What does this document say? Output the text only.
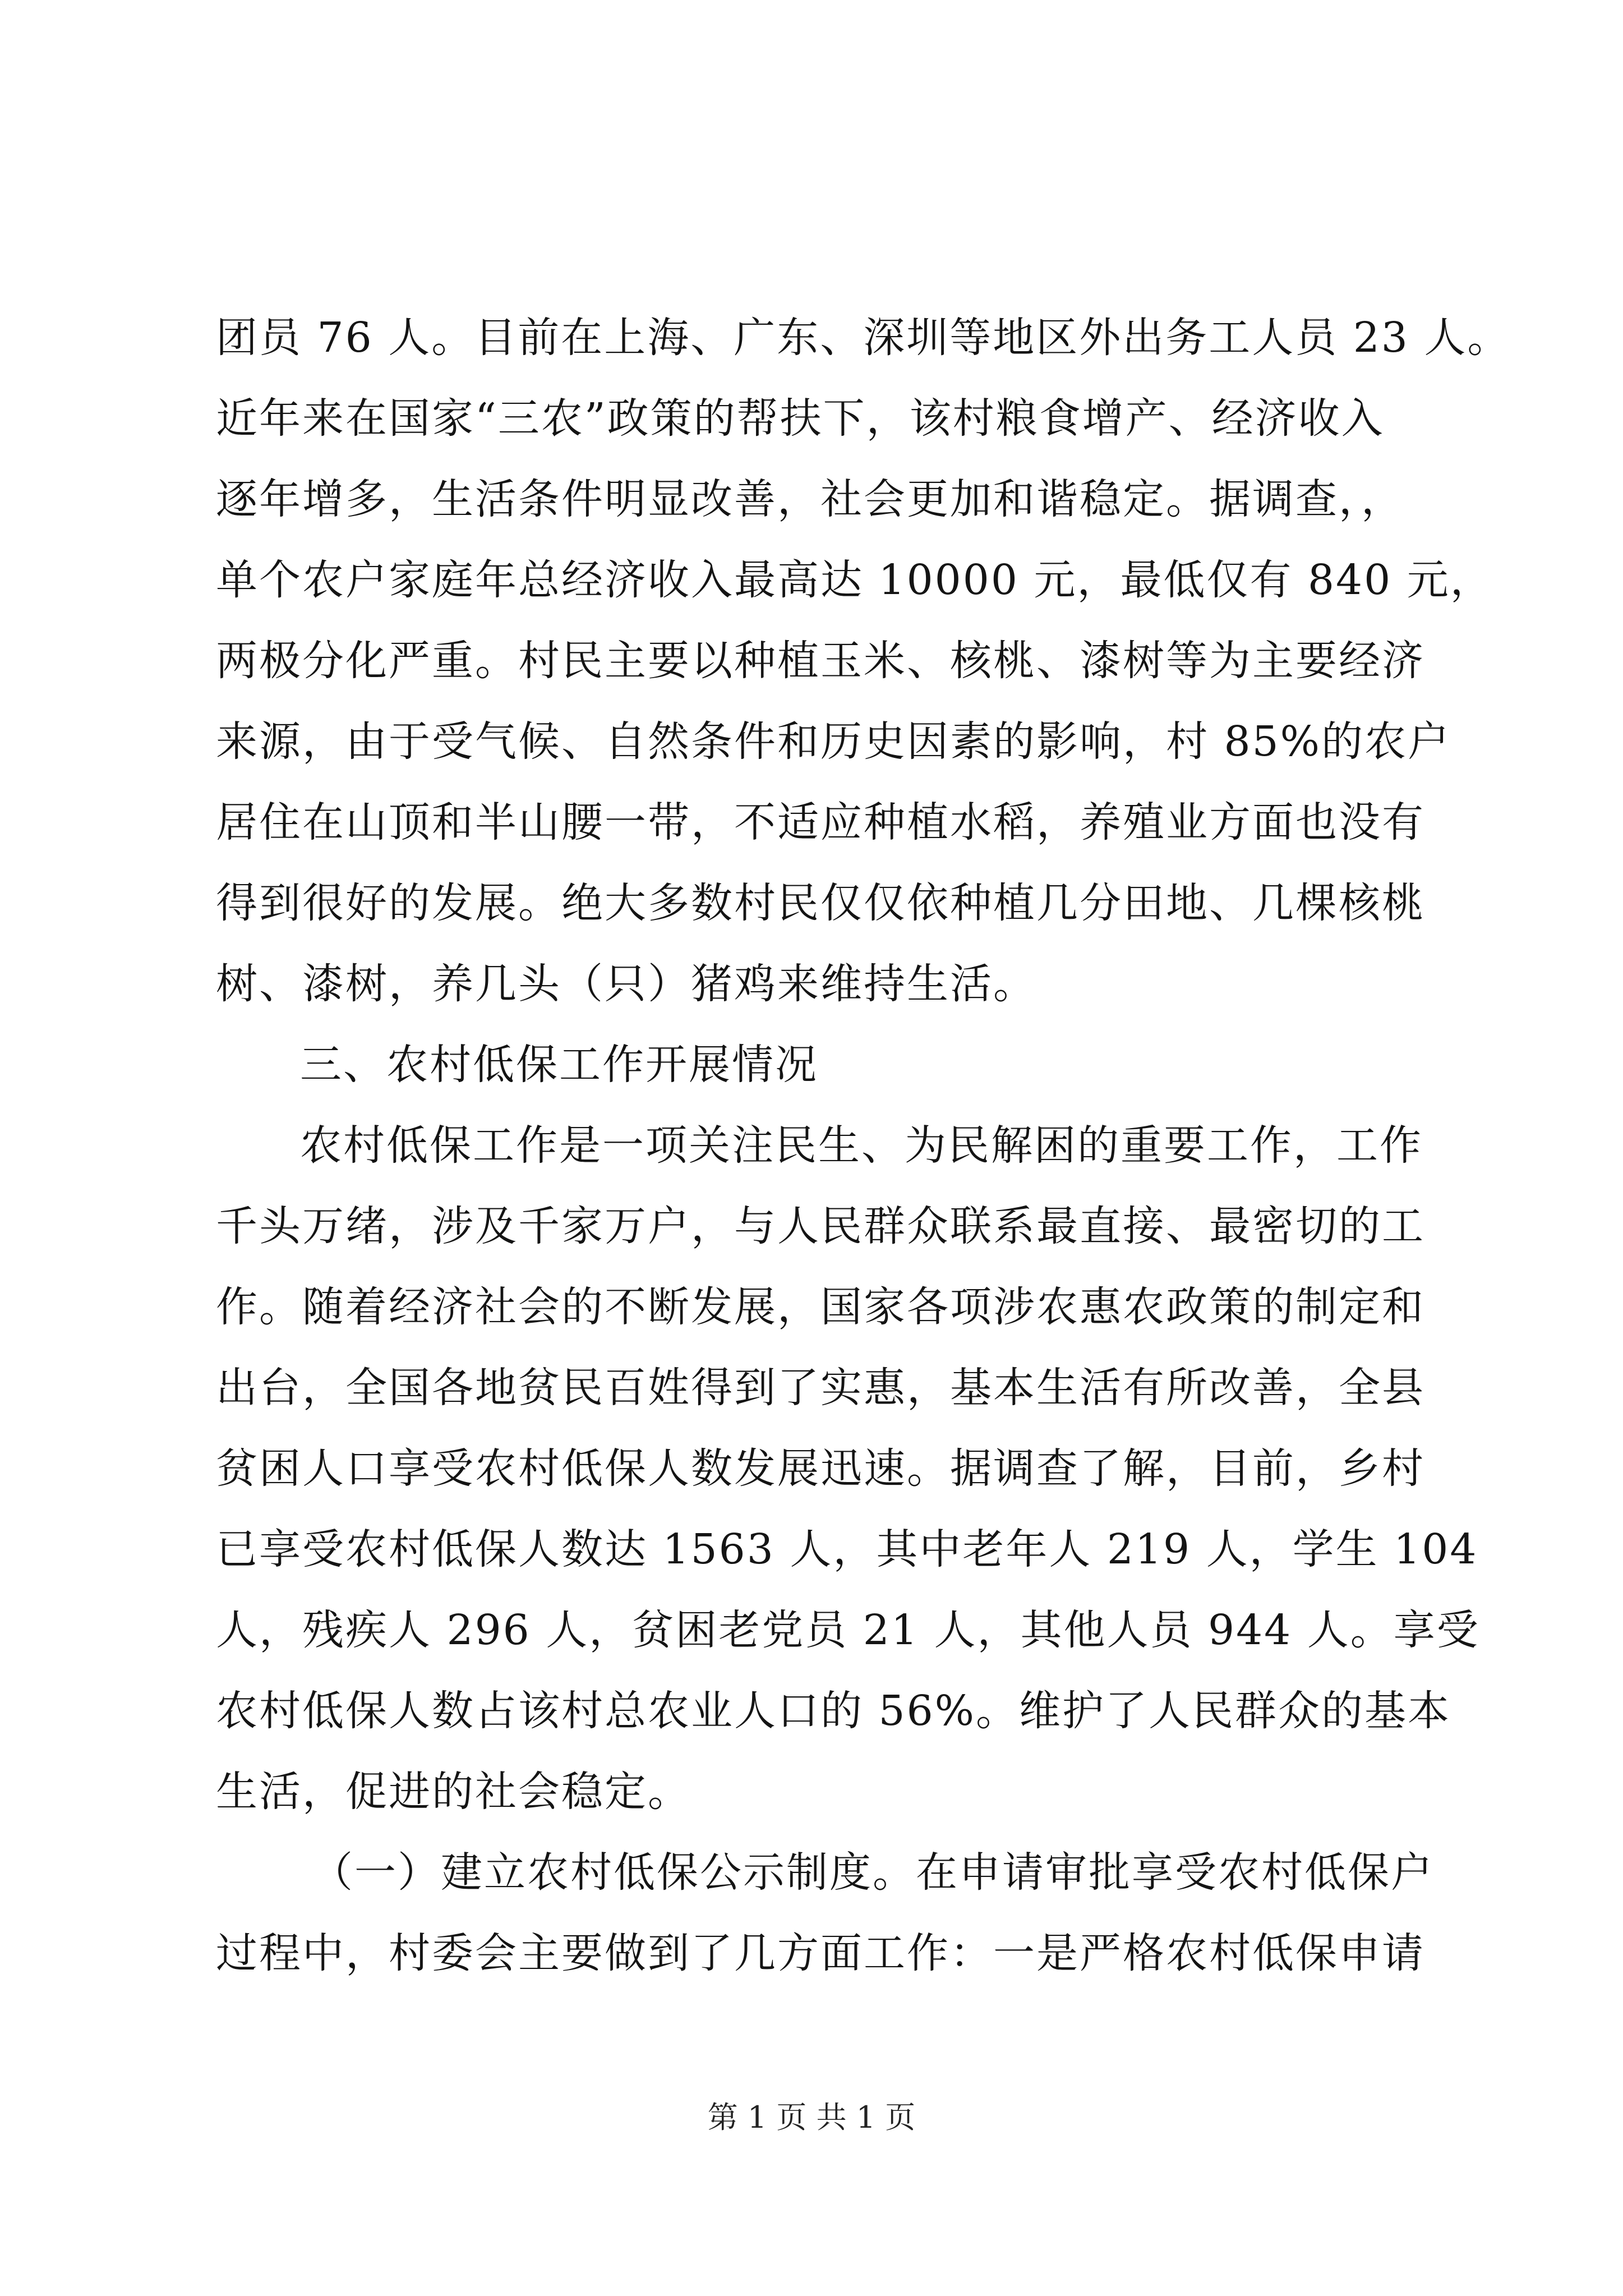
团员 76 人。目前在上海、广东、深圳等地区外出务工人员 23 人。
近年来在国家“三农”政策的帮扶下，该村粮食增产、经济收入
逐年增多，生活条件明显改善，社会更加和谐稳定。据调查，，
单个农户家庭年总经济收入最高达 10000 元，最低仅有 840 元，
两极分化严重。村民主要以种植玉米、核桃、漆树等为主要经济
来源，由于受气候、自然条件和历史因素的影响，村 85%的农户
居住在山顶和半山腰一带，不适应种植水稻，养殖业方面也没有
得到很好的发展。绝大多数村民仅仅依种植几分田地、几棵核桃
树、漆树，养几头（只）猪鸡来维持生活。
三、农村低保工作开展情况
农村低保工作是一项关注民生、为民解困的重要工作，工作
千头万绪，涉及千家万户，与人民群众联系最直接、最密切的工
作。随着经济社会的不断发展，国家各项涉农惠农政策的制定和
出台，全国各地贫民百姓得到了实惠，基本生活有所改善，全县
贫困人口享受农村低保人数发展迅速。据调查了解，目前，乡村
已享受农村低保人数达 1563 人，其中老年人 219 人，学生 104
人，残疾人 296 人，贫困老党员 21 人，其他人员 944 人。享受
农村低保人数占该村总农业人口的 56%。维护了人民群众的基本
生活，促进的社会稳定。
（一）建立农村低保公示制度。在申请审批享受农村低保户
过程中，村委会主要做到了几方面工作：一是严格农村低保申请
第 1 页 共 1 页
